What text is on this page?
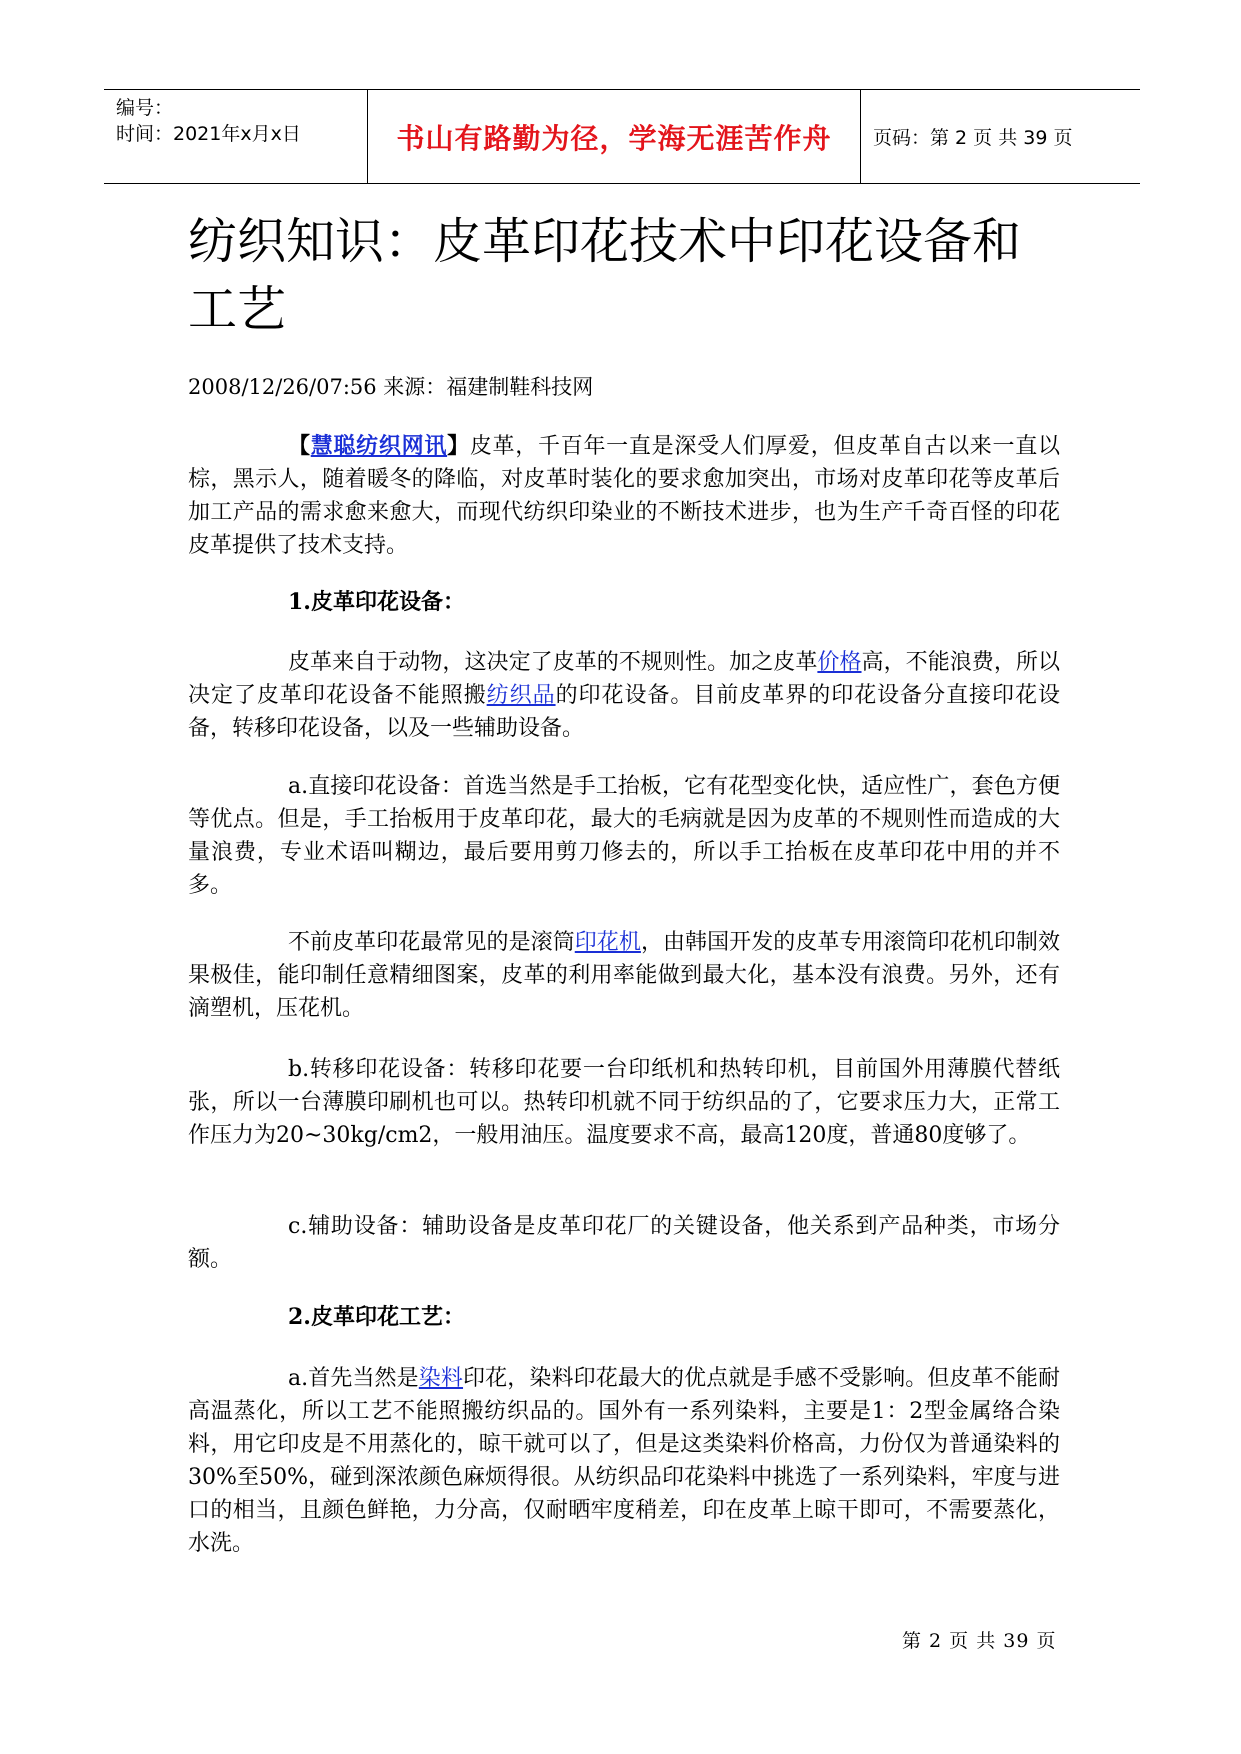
编号：
时间：2021年x月x日	书山有路勤为径，学海无涯苦作舟	页码：第 2 页 共 39 页
纺织知识：皮革印花技术中印花设备和工艺
2008/12/26/07:56 来源：福建制鞋科技网

【慧聪纺织网讯】皮革，千百年一直是深受人们厚爱，但皮革自古以来一直以棕，黑示人，随着暖冬的降临，对皮革时装化的要求愈加突出，市场对皮革印花等皮革后加工产品的需求愈来愈大，而现代纺织印染业的不断技术进步，也为生产千奇百怪的印花皮革提供了技术支持。

1.皮革印花设备：

皮革来自于动物，这决定了皮革的不规则性。加之皮革价格高，不能浪费，所以决定了皮革印花设备不能照搬纺织品的印花设备。目前皮革界的印花设备分直接印花设备，转移印花设备，以及一些辅助设备。

a.直接印花设备：首选当然是手工抬板，它有花型变化快，适应性广，套色方便等优点。但是，手工抬板用于皮革印花，最大的毛病就是因为皮革的不规则性而造成的大量浪费，专业术语叫糊边，最后要用剪刀修去的，所以手工抬板在皮革印花中用的并不多。

不前皮革印花最常见的是滚筒印花机，由韩国开发的皮革专用滚筒印花机印制效果极佳，能印制任意精细图案，皮革的利用率能做到最大化，基本没有浪费。另外，还有滴塑机，压花机。

b.转移印花设备：转移印花要一台印纸机和热转印机，目前国外用薄膜代替纸张，所以一台薄膜印刷机也可以。热转印机就不同于纺织品的了，它要求压力大，正常工作压力为20~30kg/cm2，一般用油压。温度要求不高，最高120度，普通80度够了。

c.辅助设备：辅助设备是皮革印花厂的关键设备，他关系到产品种类，市场分额。

2.皮革印花工艺：

a.首先当然是染料印花，染料印花最大的优点就是手感不受影响。但皮革不能耐高温蒸化，所以工艺不能照搬纺织品的。国外有一系列染料，主要是1：2型金属络合染料，用它印皮是不用蒸化的，晾干就可以了，但是这类染料价格高，力份仅为普通染料的30%至50%，碰到深浓颜色麻烦得很。从纺织品印花染料中挑选了一系列染料，牢度与进口的相当，且颜色鲜艳，力分高，仅耐晒牢度稍差，印在皮革上晾干即可，不需要蒸化，水洗。

第 2 页 共 39 页
